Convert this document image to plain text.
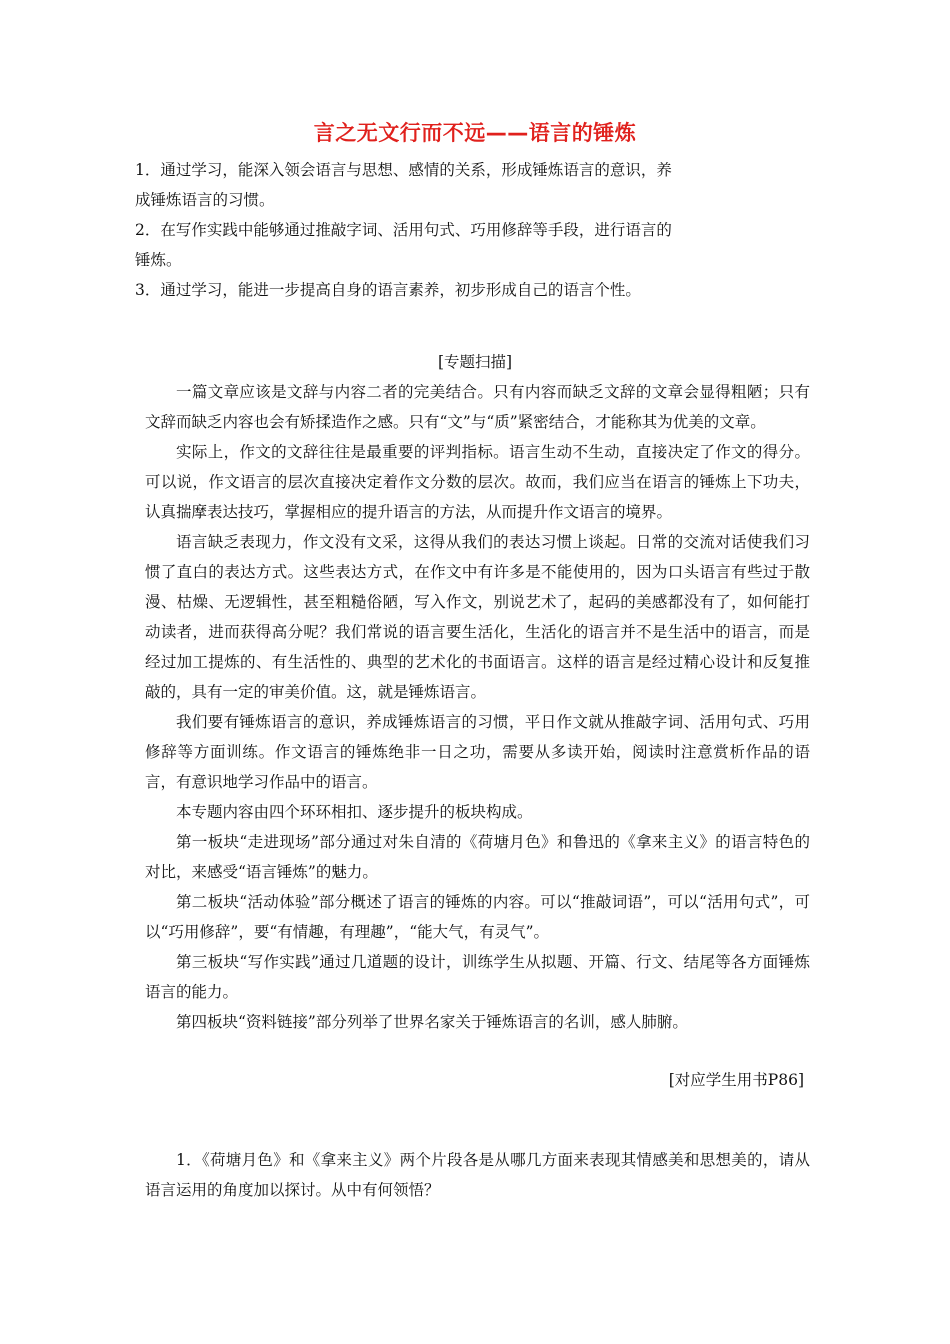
言之无文行而不远——语言的锤炼

1．通过学习，能深入领会语言与思想、感情的关系，形成锤炼语言的意识，养成锤炼语言的习惯。

2．在写作实践中能够通过推敲字词、活用句式、巧用修辞等手段，进行语言的锤炼。

3．通过学习，能进一步提高自身的语言素养，初步形成自己的语言个性。

[专题扫描]

一篇文章应该是文辞与内容二者的完美结合。只有内容而缺乏文辞的文章会显得粗陋；只有文辞而缺乏内容也会有矫揉造作之感。只有“文”与“质”紧密结合，才能称其为优美的文章。

实际上，作文的文辞往往是最重要的评判指标。语言生动不生动，直接决定了作文的得分。可以说，作文语言的层次直接决定着作文分数的层次。故而，我们应当在语言的锤炼上下功夫，认真揣摩表达技巧，掌握相应的提升语言的方法，从而提升作文语言的境界。

语言缺乏表现力，作文没有文采，这得从我们的表达习惯上谈起。日常的交流对话使我们习惯了直白的表达方式。这些表达方式，在作文中有许多是不能使用的，因为口头语言有些过于散漫、枯燥、无逻辑性，甚至粗糙俗陋，写入作文，别说艺术了，起码的美感都没有了，如何能打动读者，进而获得高分呢？我们常说的语言要生活化，生活化的语言并不是生活中的语言，而是经过加工提炼的、有生活性的、典型的艺术化的书面语言。这样的语言是经过精心设计和反复推敲的，具有一定的审美价值。这，就是锤炼语言。

我们要有锤炼语言的意识，养成锤炼语言的习惯，平日作文就从推敲字词、活用句式、巧用修辞等方面训练。作文语言的锤炼绝非一日之功，需要从多读开始，阅读时注意赏析作品的语言，有意识地学习作品中的语言。

本专题内容由四个环环相扣、逐步提升的板块构成。

第一板块“走进现场”部分通过对朱自清的《荷塘月色》和鲁迅的《拿来主义》的语言特色的对比，来感受“语言锤炼”的魅力。

第二板块“活动体验”部分概述了语言的锤炼的内容。可以“推敲词语”，可以“活用句式”，可以“巧用修辞”，要“有情趣，有理趣”，“能大气，有灵气”。

第三板块“写作实践”通过几道题的设计，训练学生从拟题、开篇、行文、结尾等各方面锤炼语言的能力。

第四板块“资料链接”部分列举了世界名家关于锤炼语言的名训，感人肺腑。

[对应学生用书P86]

1．《荷塘月色》和《拿来主义》两个片段各是从哪几方面来表现其情感美和思想美的，请从语言运用的角度加以探讨。从中有何领悟？
